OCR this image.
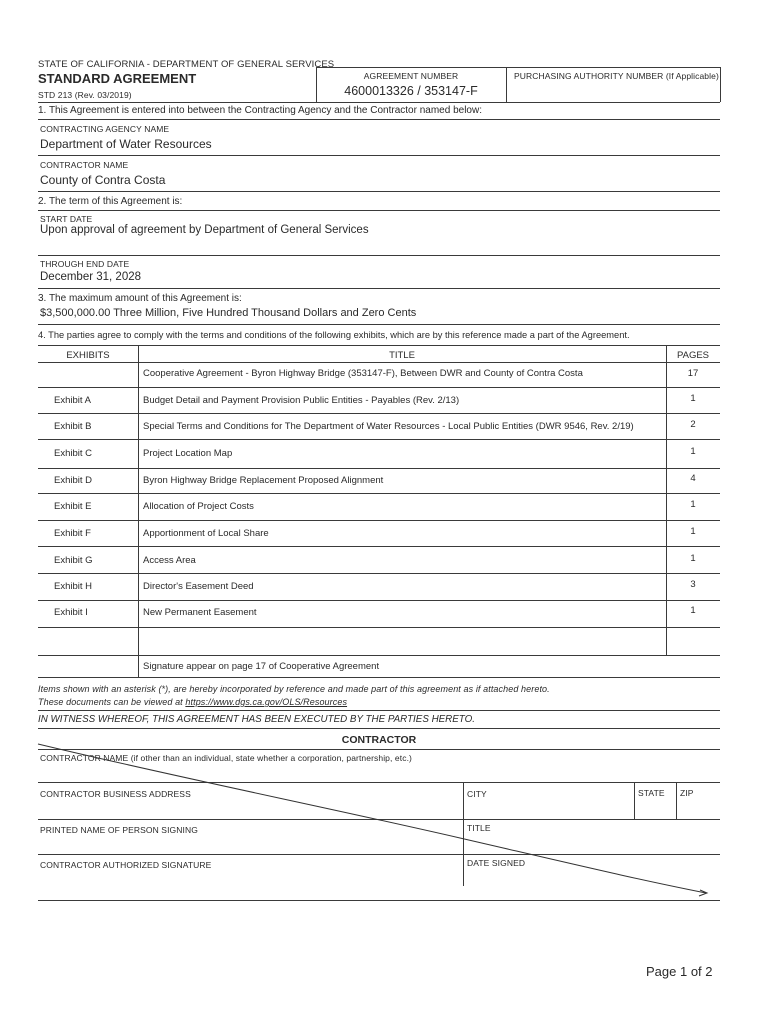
STATE OF CALIFORNIA - DEPARTMENT OF GENERAL SERVICES
STANDARD AGREEMENT
STD 213 (Rev. 03/2019)
AGREEMENT NUMBER
4600013326 / 353147-F
PURCHASING AUTHORITY NUMBER (If Applicable)
1. This Agreement is entered into between the Contracting Agency and the Contractor named below:
CONTRACTING AGENCY NAME
Department of Water Resources
CONTRACTOR NAME
County of Contra Costa
2. The term of this Agreement is:
START DATE
Upon approval of agreement by Department of General Services
THROUGH END DATE
December 31, 2028
3. The maximum amount of this Agreement is:
$3,500,000.00 Three Million, Five Hundred Thousand Dollars and Zero Cents
4. The parties agree to comply with the terms and conditions of the following exhibits, which are by this reference made a part of the Agreement.
EXHIBITS	TITLE	PAGES
Cooperative Agreement - Byron Highway Bridge (353147-F), Between DWR and County of Contra Costa	17
Exhibit A	Budget Detail and Payment Provision Public Entities - Payables (Rev. 2/13)	1
Exhibit B	Special Terms and Conditions for The Department of Water Resources - Local Public Entities (DWR 9546, Rev. 2/19)	2
Exhibit C	Project Location Map	1
Exhibit D	Byron Highway Bridge Replacement Proposed Alignment	4
Exhibit E	Allocation of Project Costs	1
Exhibit F	Apportionment of Local Share	1
Exhibit G	Access Area	1
Exhibit H	Director's Easement Deed	3
Exhibit I	New Permanent Easement	1
Signature appear on page 17 of Cooperative Agreement
Items shown with an asterisk (*), are hereby incorporated by reference and made part of this agreement as if attached hereto.
These documents can be viewed at https://www.dgs.ca.gov/OLS/Resources
IN WITNESS WHEREOF, THIS AGREEMENT HAS BEEN EXECUTED BY THE PARTIES HERETO.
CONTRACTOR
CONTRACTOR NAME (if other than an individual, state whether a corporation, partnership, etc.)
CONTRACTOR BUSINESS ADDRESS	CITY	STATE ZIP
PRINTED NAME OF PERSON SIGNING	TITLE
CONTRACTOR AUTHORIZED SIGNATURE	DATE SIGNED
Page 1 of 2
